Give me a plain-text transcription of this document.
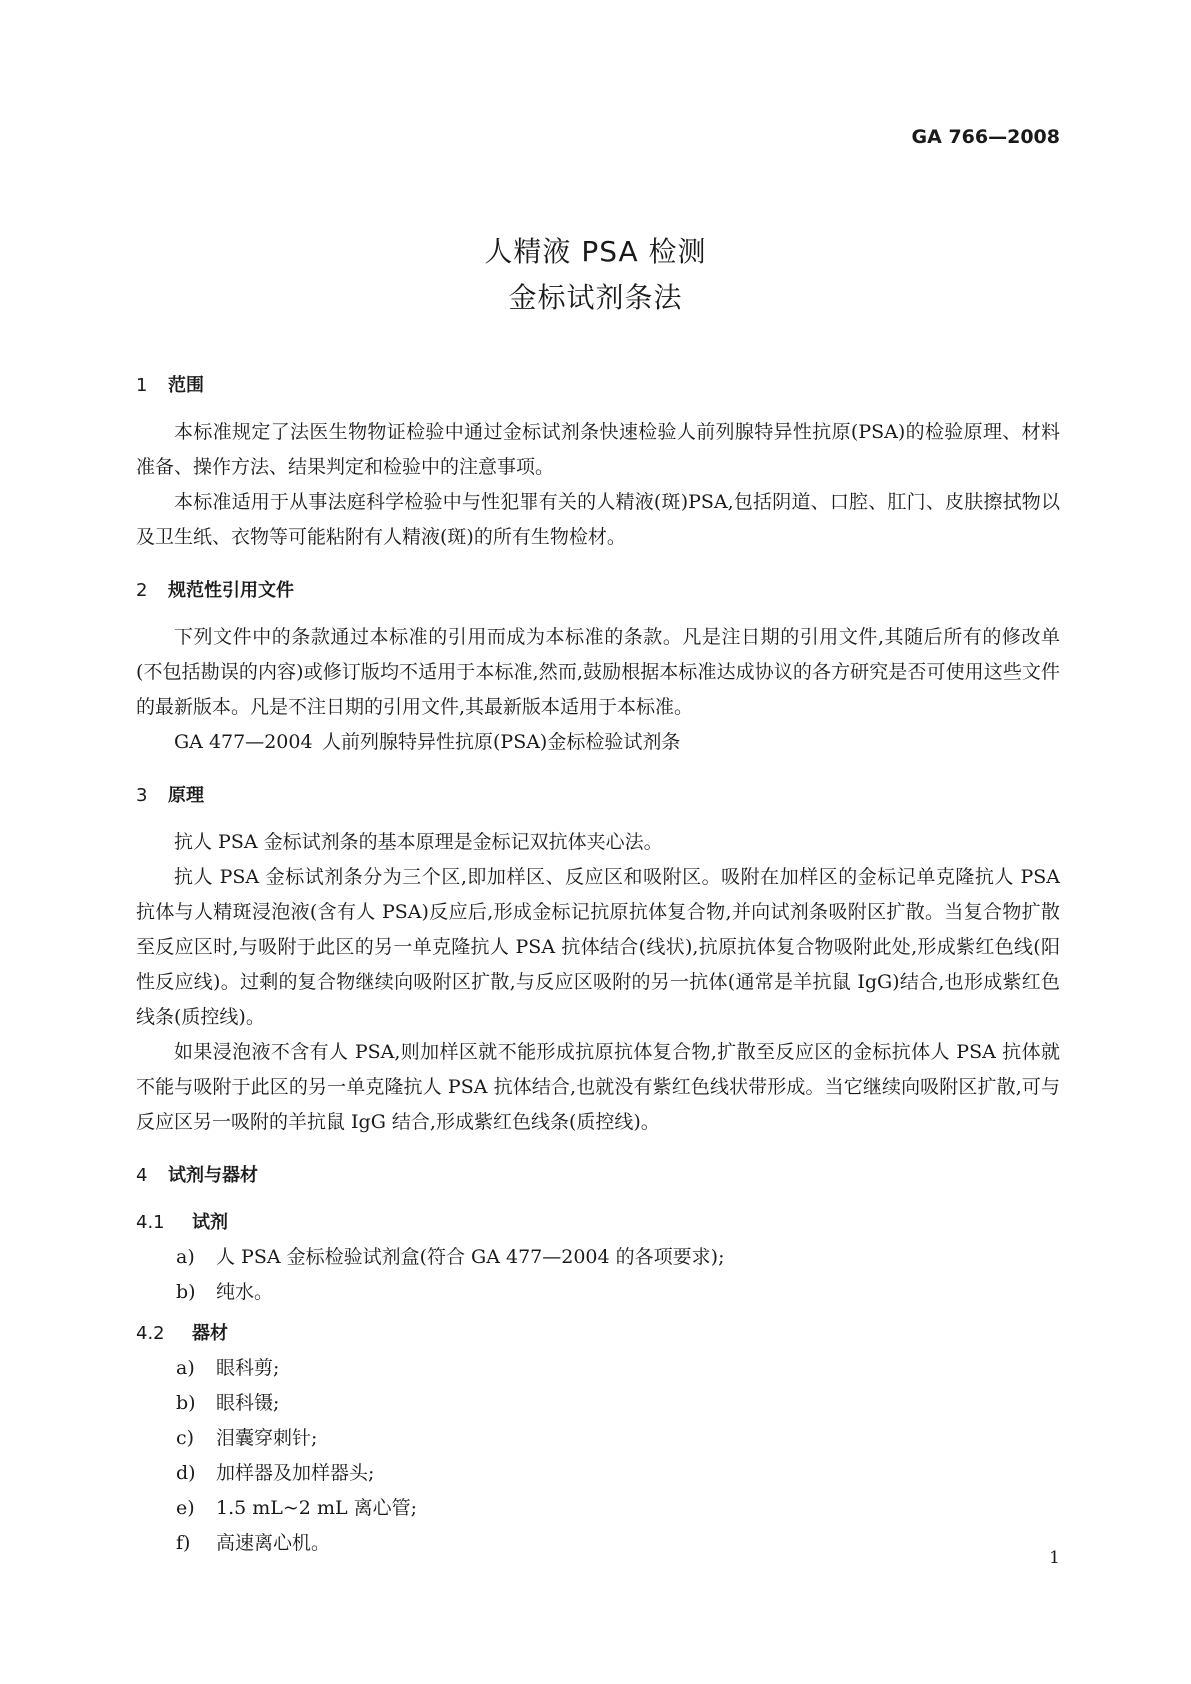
GA 766—2008
人精液 PSA 检测
金标试剂条法
1 范围

本标准规定了法医生物物证检验中通过金标试剂条快速检验人前列腺特异性抗原(PSA)的检验原理、材料准备、操作方法、结果判定和检验中的注意事项。

本标准适用于从事法庭科学检验中与性犯罪有关的人精液(斑)PSA,包括阴道、口腔、肛门、皮肤擦拭物以及卫生纸、衣物等可能粘附有人精液(斑)的所有生物检材。

2 规范性引用文件

下列文件中的条款通过本标准的引用而成为本标准的条款。凡是注日期的引用文件,其随后所有的修改单(不包括勘误的内容)或修订版均不适用于本标准,然而,鼓励根据本标准达成协议的各方研究是否可使用这些文件的最新版本。凡是不注日期的引用文件,其最新版本适用于本标准。

GA 477—2004 人前列腺特异性抗原(PSA)金标检验试剂条

3 原理

抗人 PSA 金标试剂条的基本原理是金标记双抗体夹心法。

抗人 PSA 金标试剂条分为三个区,即加样区、反应区和吸附区。吸附在加样区的金标记单克隆抗人 PSA 抗体与人精斑浸泡液(含有人 PSA)反应后,形成金标记抗原抗体复合物,并向试剂条吸附区扩散。当复合物扩散至反应区时,与吸附于此区的另一单克隆抗人 PSA 抗体结合(线状),抗原抗体复合物吸附此处,形成紫红色线(阳性反应线)。过剩的复合物继续向吸附区扩散,与反应区吸附的另一抗体(通常是羊抗鼠 IgG)结合,也形成紫红色线条(质控线)。

如果浸泡液不含有人 PSA,则加样区就不能形成抗原抗体复合物,扩散至反应区的金标抗体人 PSA 抗体就不能与吸附于此区的另一单克隆抗人 PSA 抗体结合,也就没有紫红色线状带形成。当它继续向吸附区扩散,可与反应区另一吸附的羊抗鼠 IgG 结合,形成紫红色线条(质控线)。

4 试剂与器材
4.1 试剂
a) 人 PSA 金标检验试剂盒(符合 GA 477—2004 的各项要求);
b) 纯水。
4.2 器材
a) 眼科剪;
b) 眼科镊;
c) 泪囊穿刺针;
d) 加样器及加样器头;
e) 1.5 mL~2 mL 离心管;
f) 高速离心机。
1
